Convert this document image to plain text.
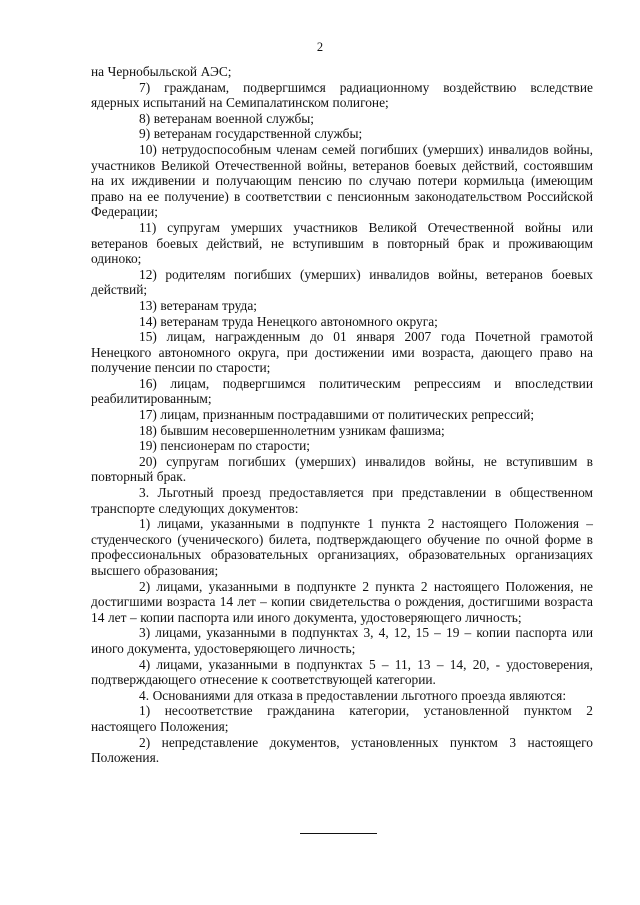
2

на Чернобыльской АЭС;

7) гражданам, подвергшимся радиационному воздействию вследствие ядерных испытаний на Семипалатинском полигоне;

8) ветеранам военной службы;

9) ветеранам государственной службы;

10) нетрудоспособным членам семей погибших (умерших) инвалидов войны, участников Великой Отечественной войны, ветеранов боевых действий, состоявшим на их иждивении и получающим пенсию по случаю потери кормильца (имеющим право на ее получение) в соответствии с пенсионным законодательством Российской Федерации;

11) супругам умерших участников Великой Отечественной войны или ветеранов боевых действий, не вступившим в повторный брак и проживающим одиноко;

12) родителям погибших (умерших) инвалидов войны, ветеранов боевых действий;

13) ветеранам труда;

14) ветеранам труда Ненецкого автономного округа;

15) лицам, награжденным до 01 января 2007 года Почетной грамотой Ненецкого автономного округа, при достижении ими возраста, дающего право на получение пенсии по старости;

16) лицам, подвергшимся политическим репрессиям и впоследствии реабилитированным;

17) лицам, признанным пострадавшими от политических репрессий;

18) бывшим несовершеннолетним узникам фашизма;

19) пенсионерам по старости;

20) супругам погибших (умерших) инвалидов войны, не вступившим в повторный брак.

3. Льготный проезд предоставляется при представлении в общественном транспорте следующих документов:

1) лицами, указанными в подпункте 1 пункта 2 настоящего Положения – студенческого (ученического) билета, подтверждающего обучение по очной форме в профессиональных образовательных организациях, образовательных организациях высшего образования;

2) лицами, указанными в подпункте 2 пункта 2 настоящего Положения, не достигшими возраста 14 лет – копии свидетельства о рождения, достигшими возраста 14 лет – копии паспорта или иного документа, удостоверяющего личность;

3) лицами, указанными в подпунктах 3, 4, 12, 15 – 19 – копии паспорта или иного документа, удостоверяющего личность;

4) лицами, указанными в подпунктах 5 – 11, 13 – 14, 20, - удостоверения, подтверждающего отнесение к соответствующей категории.

4. Основаниями для отказа в предоставлении льготного проезда являются:

1) несоответствие гражданина категории, установленной пунктом 2 настоящего Положения;

2) непредставление документов, установленных пунктом 3 настоящего Положения.
